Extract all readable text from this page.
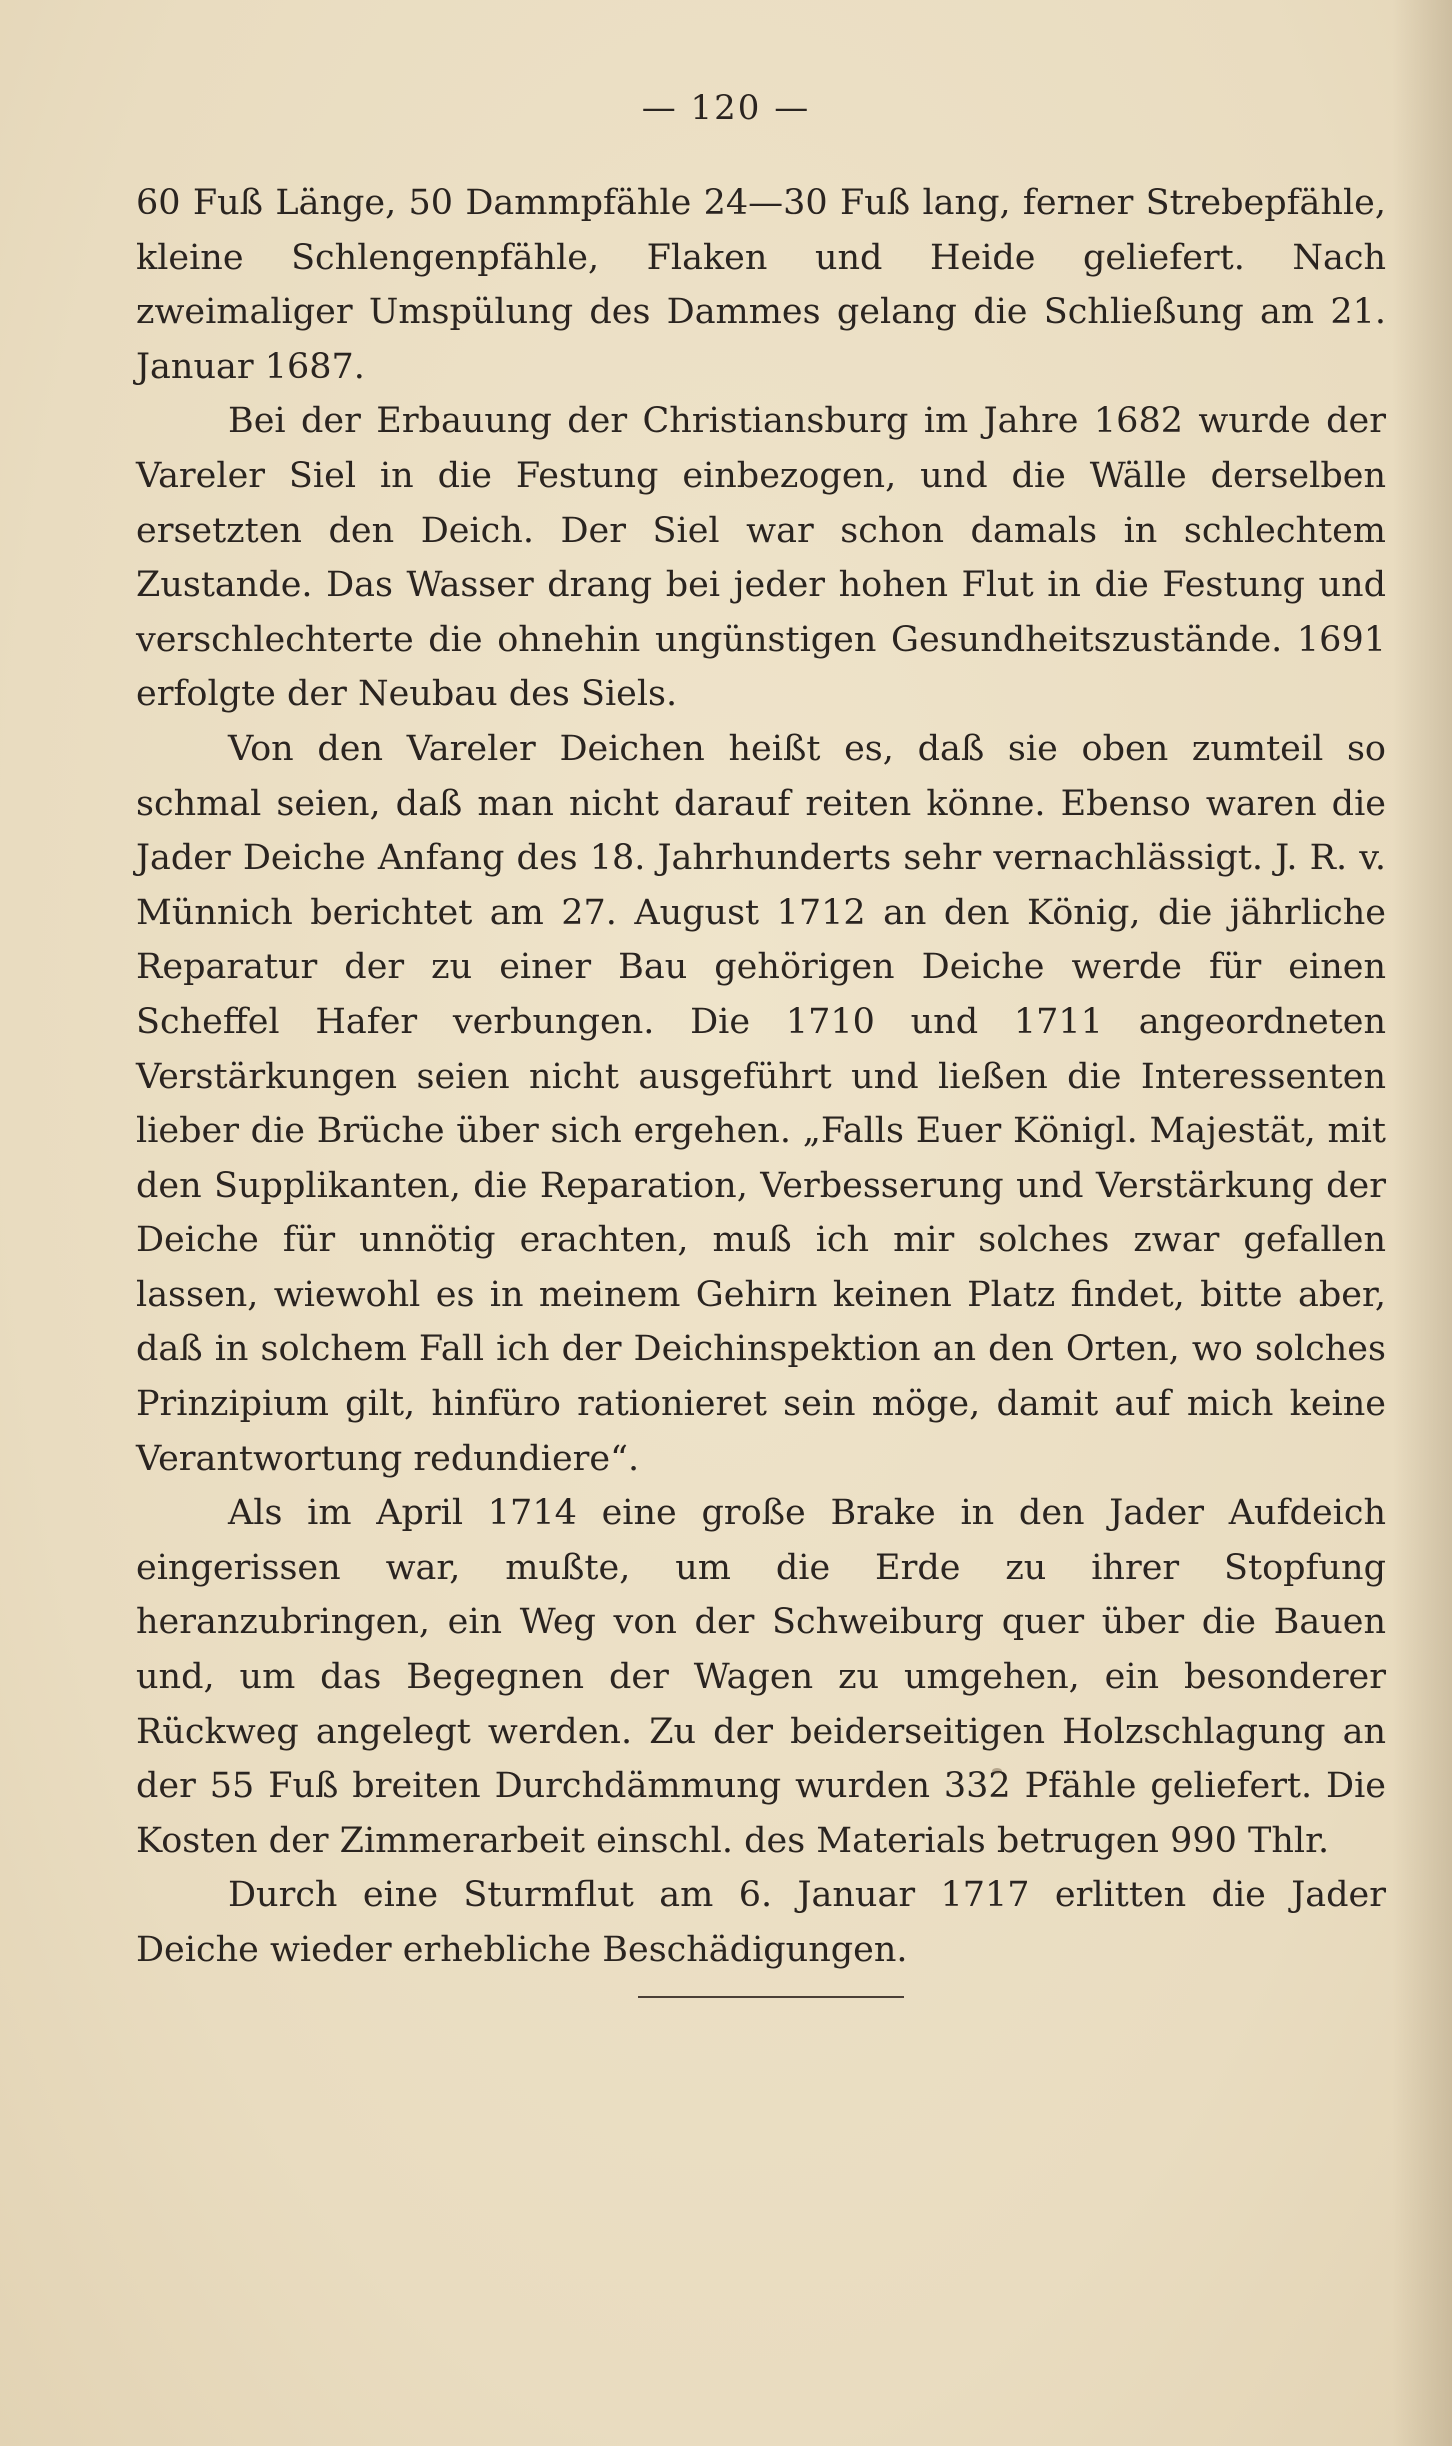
— 120 —

60 Fuß Länge, 50 Dammpfähle 24—30 Fuß lang, ferner Strebepfähle, kleine Schlengenpfähle, Flaken und Heide geliefert. Nach zweimaliger Umspülung des Dammes gelang die Schließung am 21. Januar 1687.

Bei der Erbauung der Christiansburg im Jahre 1682 wurde der Vareler Siel in die Festung einbezogen, und die Wälle derselben ersetzten den Deich. Der Siel war schon damals in schlechtem Zustande. Das Wasser drang bei jeder hohen Flut in die Festung und verschlechterte die ohnehin ungünstigen Gesundheitszustände. 1691 erfolgte der Neubau des Siels.

Von den Vareler Deichen heißt es, daß sie oben zumteil so schmal seien, daß man nicht darauf reiten könne. Ebenso waren die Jader Deiche Anfang des 18. Jahrhunderts sehr vernachlässigt. J. R. v. Münnich berichtet am 27. August 1712 an den König, die jährliche Reparatur der zu einer Bau gehörigen Deiche werde für einen Scheffel Hafer verbungen. Die 1710 und 1711 angeordneten Verstärkungen seien nicht ausgeführt und ließen die Interessenten lieber die Brüche über sich ergehen. „Falls Euer Königl. Majestät, mit den Supplikanten, die Reparation, Verbesserung und Verstärkung der Deiche für unnötig erachten, muß ich mir solches zwar gefallen lassen, wiewohl es in meinem Gehirn keinen Platz findet, bitte aber, daß in solchem Fall ich der Deichinspektion an den Orten, wo solches Prinzipium gilt, hinfüro rationieret sein möge, damit auf mich keine Verantwortung redundiere“.

Als im April 1714 eine große Brake in den Jader Aufdeich eingerissen war, mußte, um die Erde zu ihrer Stopfung heranzubringen, ein Weg von der Schweiburg quer über die Bauen und, um das Begegnen der Wagen zu umgehen, ein besonderer Rückweg angelegt werden. Zu der beiderseitigen Holzschlagung an der 55 Fuß breiten Durchdämmung wurden 332 Pfähle geliefert. Die Kosten der Zimmerarbeit einschl. des Materials betrugen 990 Thlr.

Durch eine Sturmflut am 6. Januar 1717 erlitten die Jader Deiche wieder erhebliche Beschädigungen.
